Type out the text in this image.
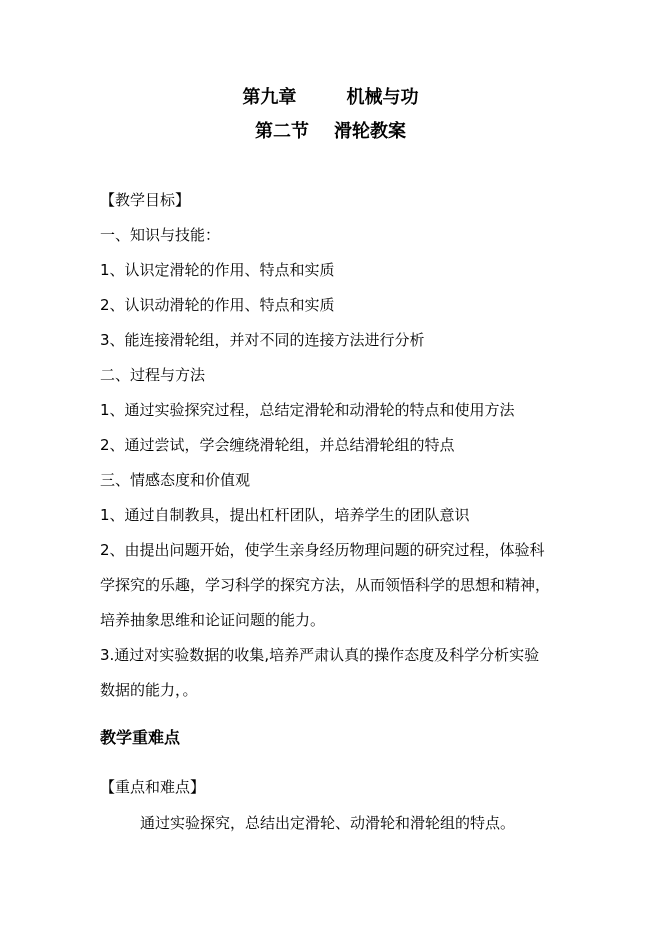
第九章        机械与功
第二节    滑轮教案
【教学目标】
一、知识与技能：
1、认识定滑轮的作用、特点和实质
2、认识动滑轮的作用、特点和实质
3、能连接滑轮组，并对不同的连接方法进行分析
二、过程与方法
1、通过实验探究过程，总结定滑轮和动滑轮的特点和使用方法
2、通过尝试，学会缠绕滑轮组，并总结滑轮组的特点
三、情感态度和价值观
1、通过自制教具，提出杠杆团队，培养学生的团队意识
2、由提出问题开始，使学生亲身经历物理问题的研究过程，体验科
学探究的乐趣，学习科学的探究方法，从而领悟科学的思想和精神，
培养抽象思维和论证问题的能力。
3.通过对实验数据的收集,培养严肃认真的操作态度及科学分析实验
数据的能力，。
教学重难点
【重点和难点】
通过实验探究，总结出定滑轮、动滑轮和滑轮组的特点。
